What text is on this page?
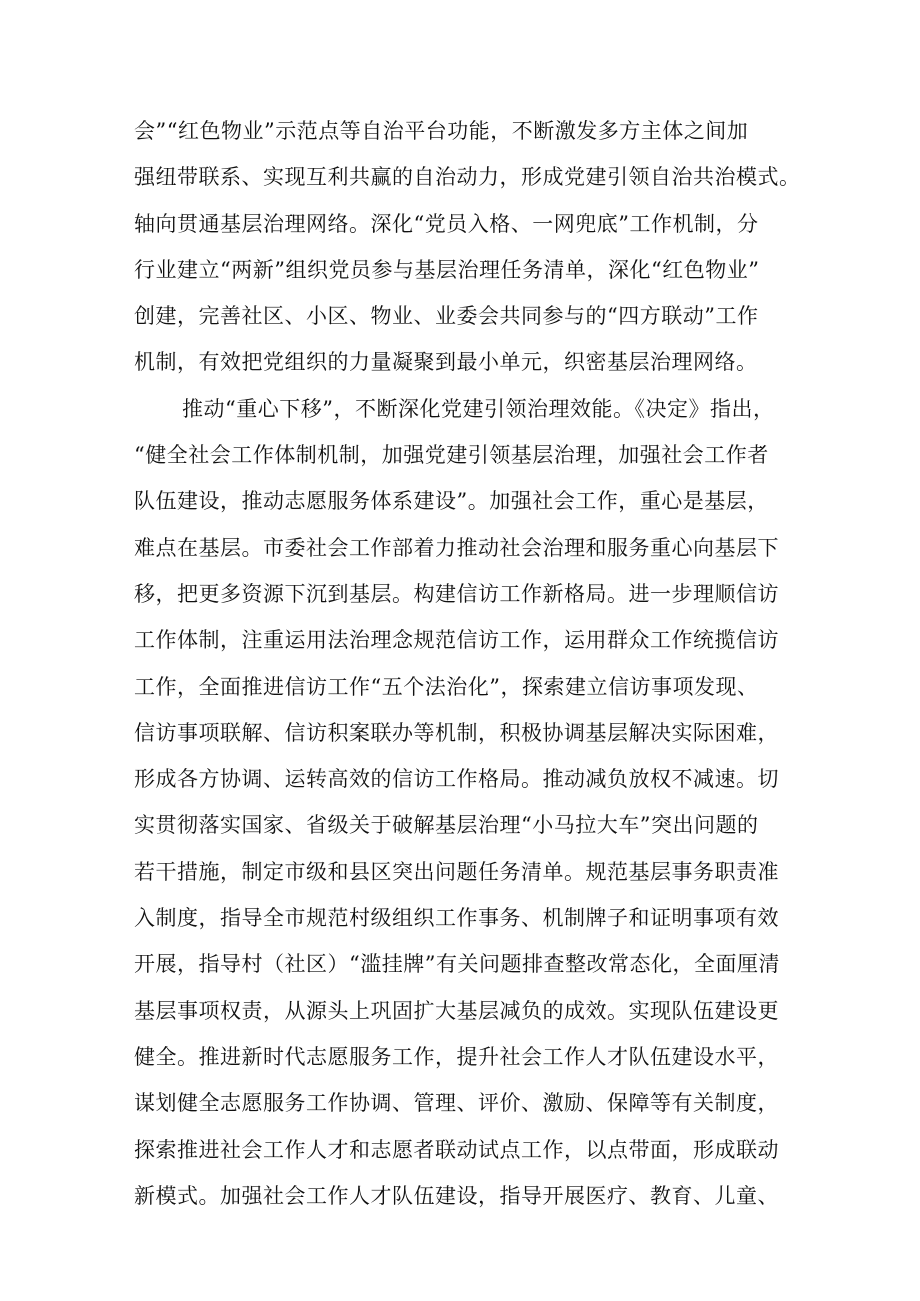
会”“红色物业”示范点等自治平台功能，不断激发多方主体之间加
强纽带联系、实现互利共赢的自治动力，形成党建引领自治共治模式。
轴向贯通基层治理网络。深化“党员入格、一网兜底”工作机制，分
行业建立“两新”组织党员参与基层治理任务清单，深化“红色物业”
创建，完善社区、小区、物业、业委会共同参与的“四方联动”工作
机制，有效把党组织的力量凝聚到最小单元，织密基层治理网络。
推动“重心下移”，不断深化党建引领治理效能。《决定》指出，
“健全社会工作体制机制，加强党建引领基层治理，加强社会工作者
队伍建设，推动志愿服务体系建设”。加强社会工作，重心是基层，
难点在基层。市委社会工作部着力推动社会治理和服务重心向基层下
移，把更多资源下沉到基层。构建信访工作新格局。进一步理顺信访
工作体制，注重运用法治理念规范信访工作，运用群众工作统揽信访
工作，全面推进信访工作“五个法治化”，探索建立信访事项发现、
信访事项联解、信访积案联办等机制，积极协调基层解决实际困难，
形成各方协调、运转高效的信访工作格局。推动减负放权不减速。切
实贯彻落实国家、省级关于破解基层治理“小马拉大车”突出问题的
若干措施，制定市级和县区突出问题任务清单。规范基层事务职责准
入制度，指导全市规范村级组织工作事务、机制牌子和证明事项有效
开展，指导村（社区）“滥挂牌”有关问题排查整改常态化，全面厘清
基层事项权责，从源头上巩固扩大基层减负的成效。实现队伍建设更
健全。推进新时代志愿服务工作，提升社会工作人才队伍建设水平，
谋划健全志愿服务工作协调、管理、评价、激励、保障等有关制度，
探索推进社会工作人才和志愿者联动试点工作，以点带面，形成联动
新模式。加强社会工作人才队伍建设，指导开展医疗、教育、儿童、
